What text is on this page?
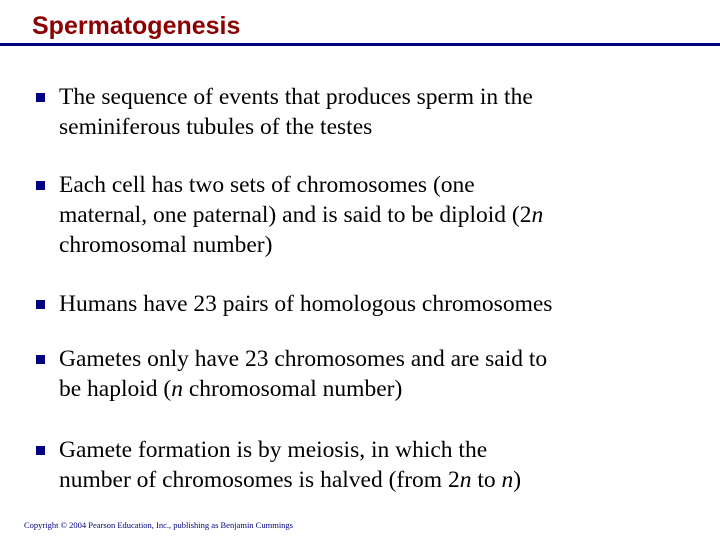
Spermatogenesis
The sequence of events that produces sperm in the
seminiferous tubules of the testes
Each cell has two sets of chromosomes (one
maternal, one paternal) and is said to be diploid (2n
chromosomal number)
Humans have 23 pairs of homologous chromosomes
Gametes only have 23 chromosomes and are said to
be haploid (n chromosomal number)
Gamete formation is by meiosis, in which the
number of chromosomes is halved (from 2n to n)
Copyright © 2004 Pearson Education, Inc., publishing as Benjamin Cummings
